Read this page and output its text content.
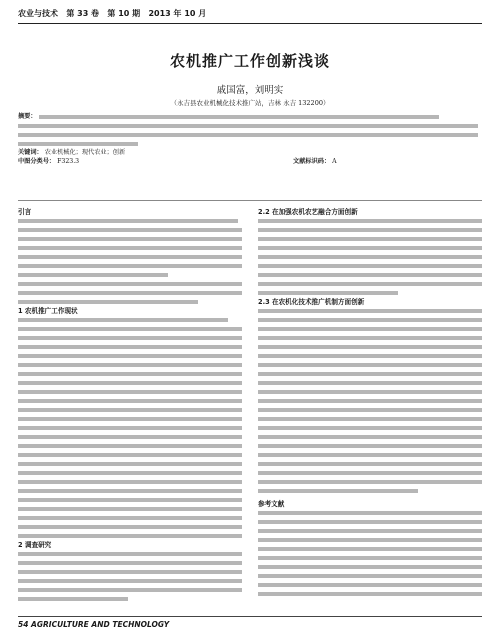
农业与技术 第 33 卷 第 10 期 2013 年 10 月
农机推广工作创新浅谈
戚国富，刘明实
（永吉县农业机械化技术推广站，吉林 永吉 132200）
摘要：
关键词： 农业机械化；现代农业；创新
中图分类号： F323.3	文献标识码： A
引言
1 农机推广工作现状
2 调查研究
2.2 在加强农机农艺融合方面创新
2.3 在农机化技术推广机制方面创新
参考文献
54 AGRICULTURE AND TECHNOLOGY
